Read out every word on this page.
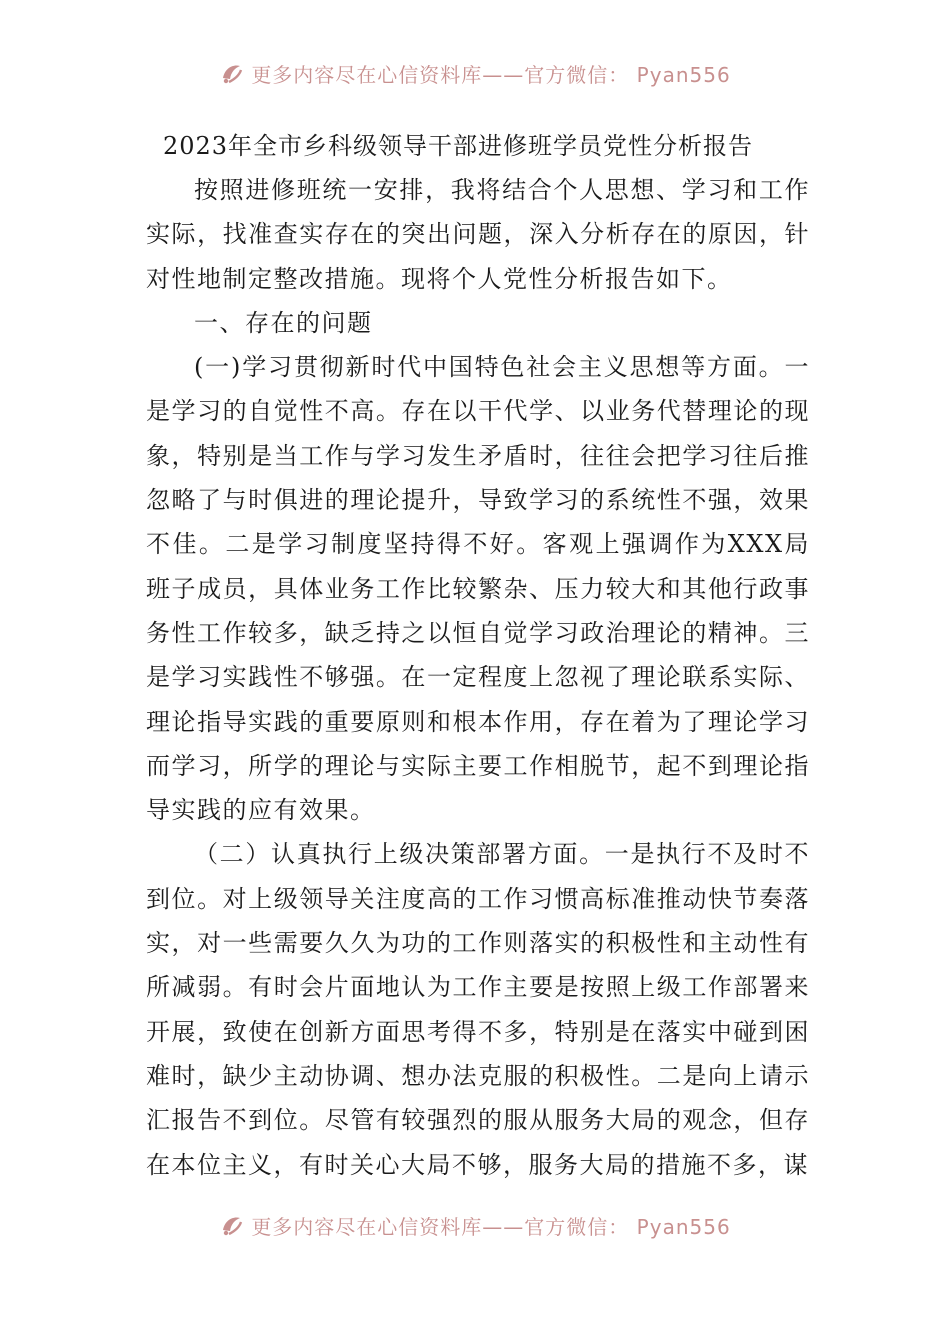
更多内容尽在心信资料库——官方微信： Pyan556
2023年全市乡科级领导干部进修班学员党性分析报告

按照进修班统一安排，我将结合个人思想、学习和工作实际，找准查实存在的突出问题，深入分析存在的原因，针对性地制定整改措施。现将个人党性分析报告如下。

一、存在的问题

(一)学习贯彻新时代中国特色社会主义思想等方面。一是学习的自觉性不高。存在以干代学、以业务代替理论的现象，特别是当工作与学习发生矛盾时，往往会把学习往后推忽略了与时俱进的理论提升，导致学习的系统性不强，效果不佳。二是学习制度坚持得不好。客观上强调作为XXX局班子成员，具体业务工作比较繁杂、压力较大和其他行政事务性工作较多，缺乏持之以恒自觉学习政治理论的精神。三是学习实践性不够强。在一定程度上忽视了理论联系实际、理论指导实践的重要原则和根本作用，存在着为了理论学习而学习，所学的理论与实际主要工作相脱节，起不到理论指导实践的应有效果。

（二）认真执行上级决策部署方面。一是执行不及时不到位。对上级领导关注度高的工作习惯高标准推动快节奏落实，对一些需要久久为功的工作则落实的积极性和主动性有所减弱。有时会片面地认为工作主要是按照上级工作部署来开展，致使在创新方面思考得不多，特别是在落实中碰到困难时，缺少主动协调、想办法克服的积极性。二是向上请示汇报告不到位。尽管有较强烈的服从服务大局的观念，但存在本位主义，有时关心大局不够，服务大局的措施不多，谋

更多内容尽在心信资料库——官方微信： Pyan556
